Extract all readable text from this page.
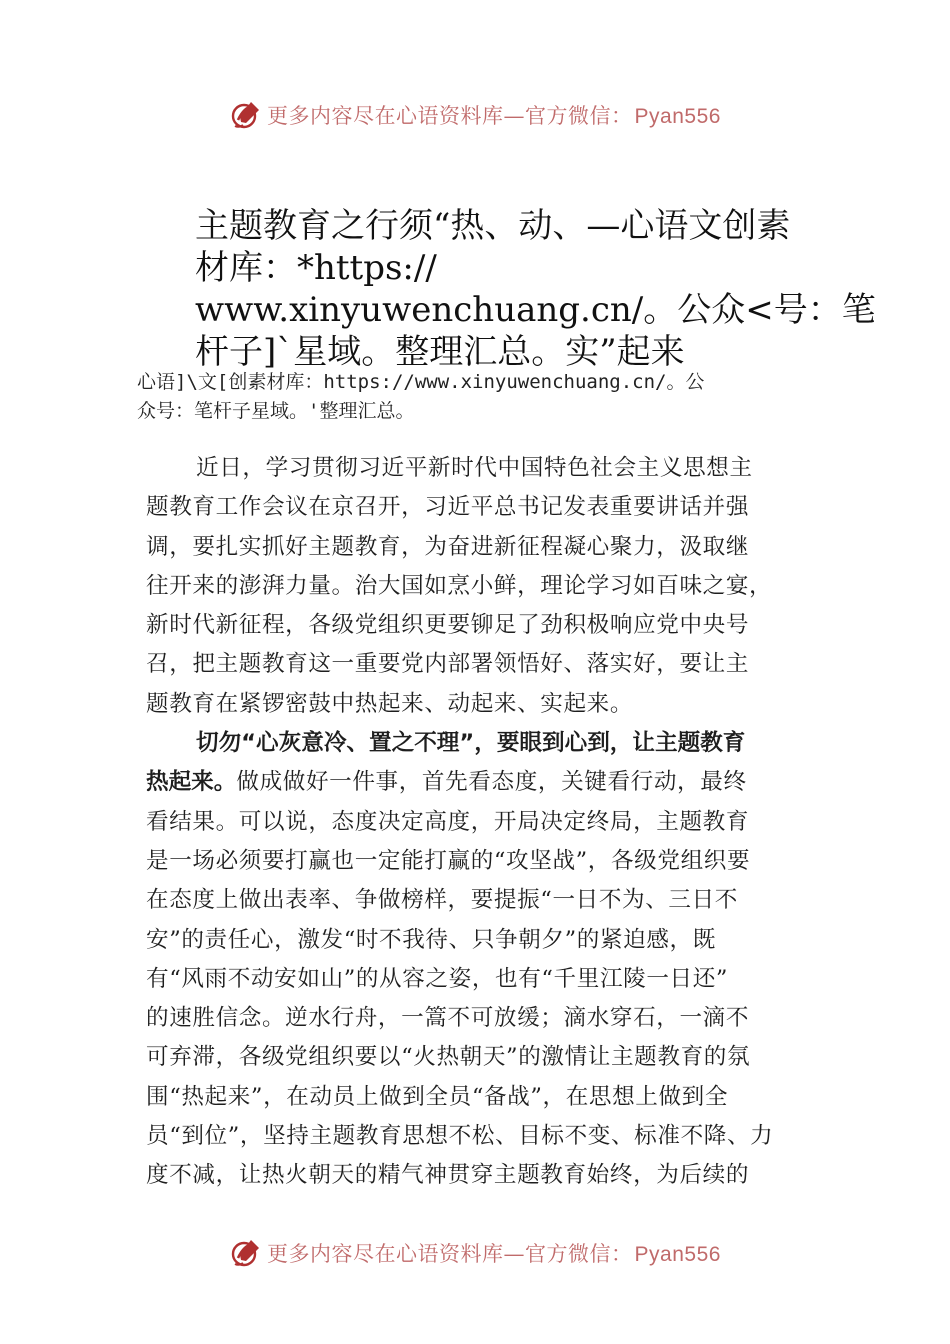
更多内容尽在心语资料库—官方微信：Pyan556
主题教育之行须“热、动、—心语文创素
材库：*https://
www.xinyuwenchuang.cn/。公众<号：笔
杆子]`星域。整理汇总。实”起来
心语]\文[创素材库：https://www.xinyuwenchuang.cn/。公
众号：笔杆子星域。'整理汇总。
近日，学习贯彻习近平新时代中国特色社会主义思想主
题教育工作会议在京召开，习近平总书记发表重要讲话并强
调，要扎实抓好主题教育，为奋进新征程凝心聚力，汲取继
往开来的澎湃力量。治大国如烹小鲜，理论学习如百味之宴，
新时代新征程，各级党组织更要铆足了劲积极响应党中央号
召，把主题教育这一重要党内部署领悟好、落实好，要让主
题教育在紧锣密鼓中热起来、动起来、实起来。
切勿“心灰意冷、置之不理”，要眼到心到，让主题教育
热起来。做成做好一件事，首先看态度，关键看行动，最终
看结果。可以说，态度决定高度，开局决定终局，主题教育
是一场必须要打赢也一定能打赢的“攻坚战”，各级党组织要
在态度上做出表率、争做榜样，要提振“一日不为、三日不
安”的责任心，激发“时不我待、只争朝夕”的紧迫感，既
有“风雨不动安如山”的从容之姿，也有“千里江陵一日还”
的速胜信念。逆水行舟，一篙不可放缓；滴水穿石，一滴不
可弃滞，各级党组织要以“火热朝天”的激情让主题教育的氛
围“热起来”，在动员上做到全员“备战”，在思想上做到全
员“到位”，坚持主题教育思想不松、目标不变、标准不降、力
度不减，让热火朝天的精气神贯穿主题教育始终，为后续的
更多内容尽在心语资料库—官方微信：Pyan556
